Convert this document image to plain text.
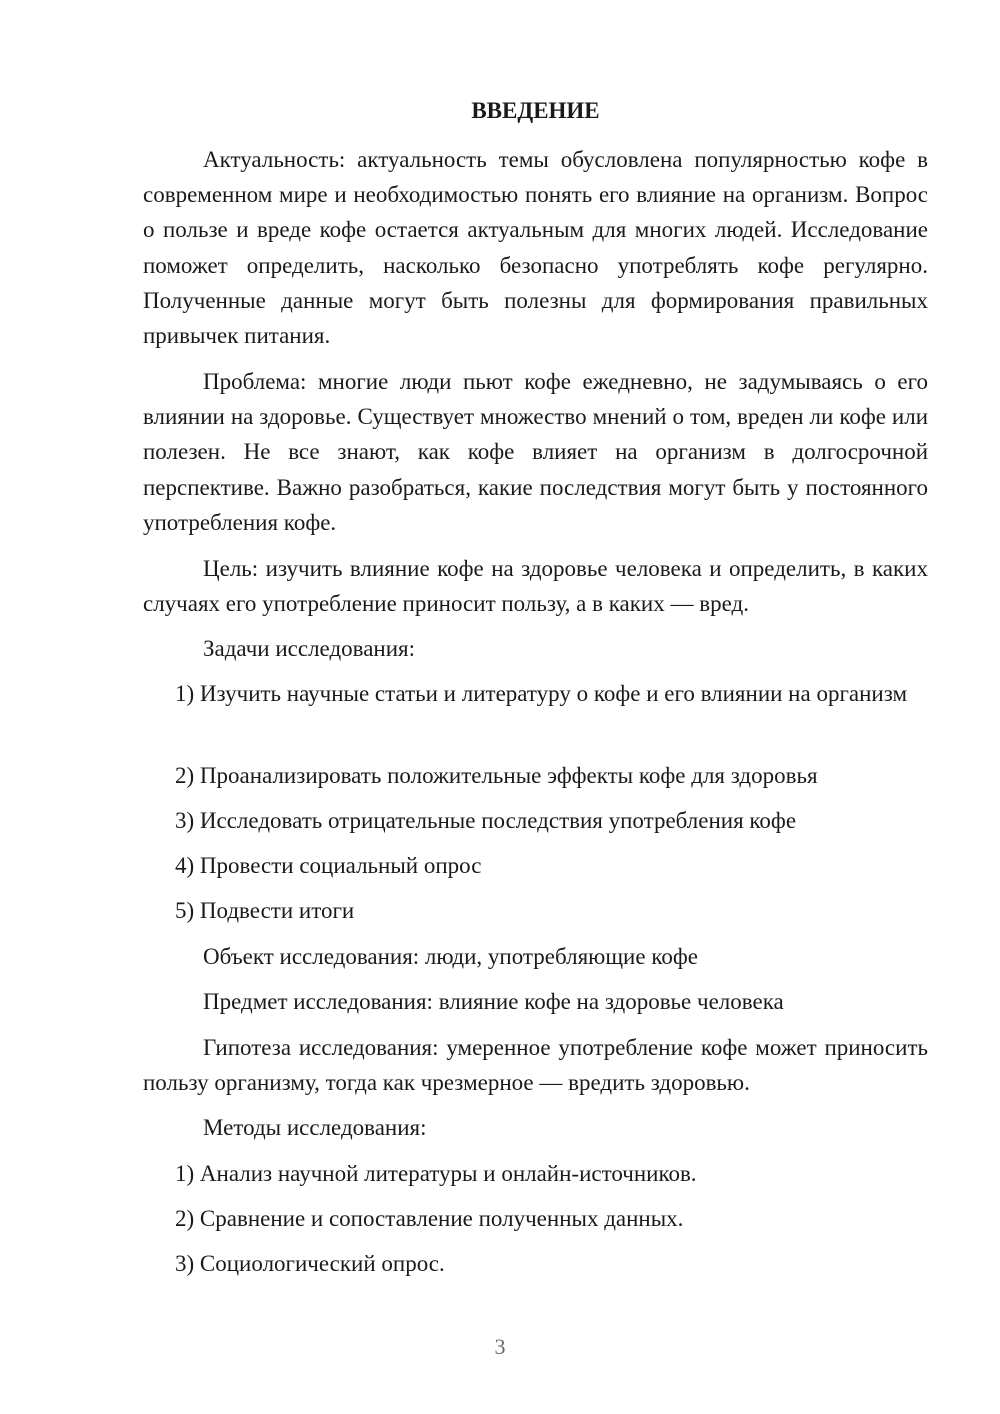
ВВЕДЕНИЕ

Актуальность: актуальность темы обусловлена популярностью кофе в современном мире и необходимостью понять его влияние на организм. Вопрос о пользе и вреде кофе остается актуальным для многих людей. Исследование поможет определить, насколько безопасно употреблять кофе регулярно. Полученные данные могут быть полезны для формирования правильных привычек питания.

Проблема: многие люди пьют кофе ежедневно, не задумываясь о его влиянии на здоровье. Существует множество мнений о том, вреден ли кофе или полезен. Не все знают, как кофе влияет на организм в долгосрочной перспективе. Важно разобраться, какие последствия могут быть у постоянного употребления кофе.

Цель: изучить влияние кофе на здоровье человека и определить, в каких случаях его употребление приносит пользу, а в каких — вред.

Задачи исследования:

1) Изучить научные статьи и литературу о кофе и его влиянии на организм

2) Проанализировать положительные эффекты кофе для здоровья

3) Исследовать отрицательные последствия употребления кофе

4) Провести социальный опрос

5) Подвести итоги

Объект исследования: люди, употребляющие кофе

Предмет исследования: влияние кофе на здоровье человека

Гипотеза исследования: умеренное употребление кофе может приносить пользу организму, тогда как чрезмерное — вредить здоровью.

Методы исследования:

1) Анализ научной литературы и онлайн-источников.

2) Сравнение и сопоставление полученных данных.

3) Социологический опрос.

3
